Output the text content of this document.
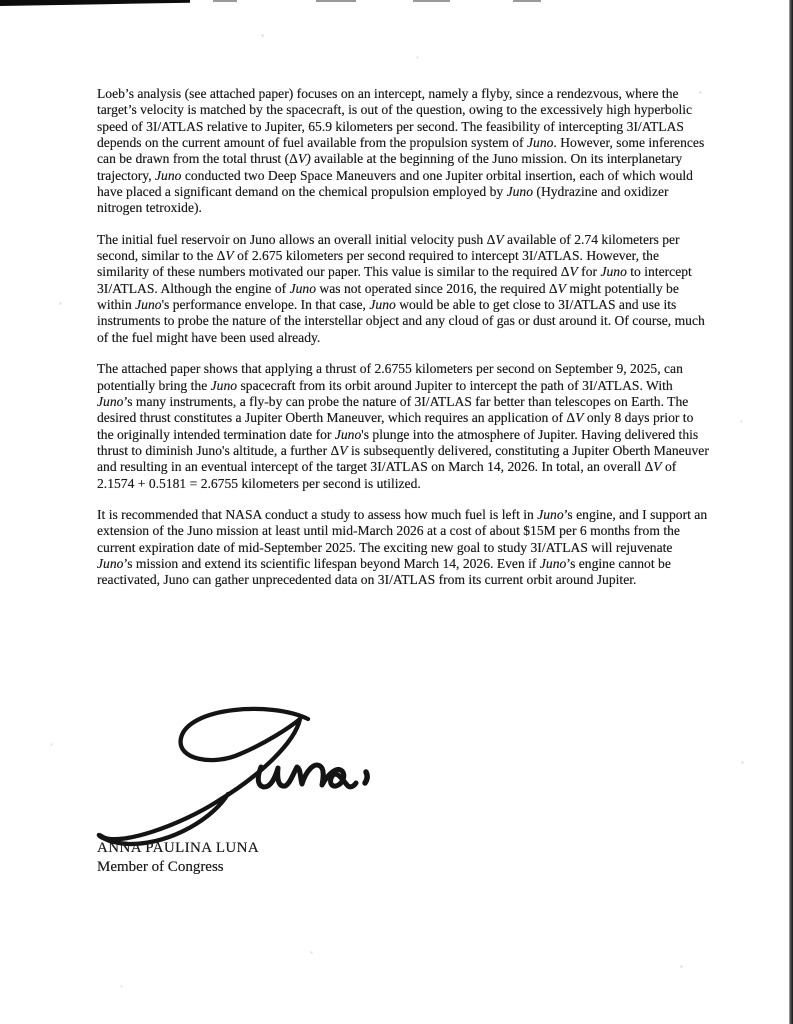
Loeb’s analysis (see attached paper) focuses on an intercept, namely a flyby, since a rendezvous, where the target’s velocity is matched by the spacecraft, is out of the question, owing to the excessively high hyperbolic speed of 3I/ATLAS relative to Jupiter, 65.9 kilometers per second. The feasibility of intercepting 3I/ATLAS depends on the current amount of fuel available from the propulsion system of Juno. However, some inferences can be drawn from the total thrust (ΔV) available at the beginning of the Juno mission. On its interplanetary trajectory, Juno conducted two Deep Space Maneuvers and one Jupiter orbital insertion, each of which would have placed a significant demand on the chemical propulsion employed by Juno (Hydrazine and oxidizer nitrogen tetroxide).

The initial fuel reservoir on Juno allows an overall initial velocity push ΔV available of 2.74 kilometers per second, similar to the ΔV of 2.675 kilometers per second required to intercept 3I/ATLAS. However, the similarity of these numbers motivated our paper. This value is similar to the required ΔV for Juno to intercept 3I/ATLAS. Although the engine of Juno was not operated since 2016, the required ΔV might potentially be within Juno's performance envelope. In that case, Juno would be able to get close to 3I/ATLAS and use its instruments to probe the nature of the interstellar object and any cloud of gas or dust around it. Of course, much of the fuel might have been used already.

The attached paper shows that applying a thrust of 2.6755 kilometers per second on September 9, 2025, can potentially bring the Juno spacecraft from its orbit around Jupiter to intercept the path of 3I/ATLAS. With Juno’s many instruments, a fly-by can probe the nature of 3I/ATLAS far better than telescopes on Earth. The desired thrust constitutes a Jupiter Oberth Maneuver, which requires an application of ΔV only 8 days prior to the originally intended termination date for Juno's plunge into the atmosphere of Jupiter. Having delivered this thrust to diminish Juno's altitude, a further ΔV is subsequently delivered, constituting a Jupiter Oberth Maneuver and resulting in an eventual intercept of the target 3I/ATLAS on March 14, 2026. In total, an overall ΔV of 2.1574 + 0.5181 = 2.6755 kilometers per second is utilized.

It is recommended that NASA conduct a study to assess how much fuel is left in Juno’s engine, and I support an extension of the Juno mission at least until mid-March 2026 at a cost of about $15M per 6 months from the current expiration date of mid-September 2025. The exciting new goal to study 3I/ATLAS will rejuvenate Juno’s mission and extend its scientific lifespan beyond March 14, 2026. Even if Juno’s engine cannot be reactivated, Juno can gather unprecedented data on 3I/ATLAS from its current orbit around Jupiter.

ANNA PAULINA LUNA
Member of Congress
